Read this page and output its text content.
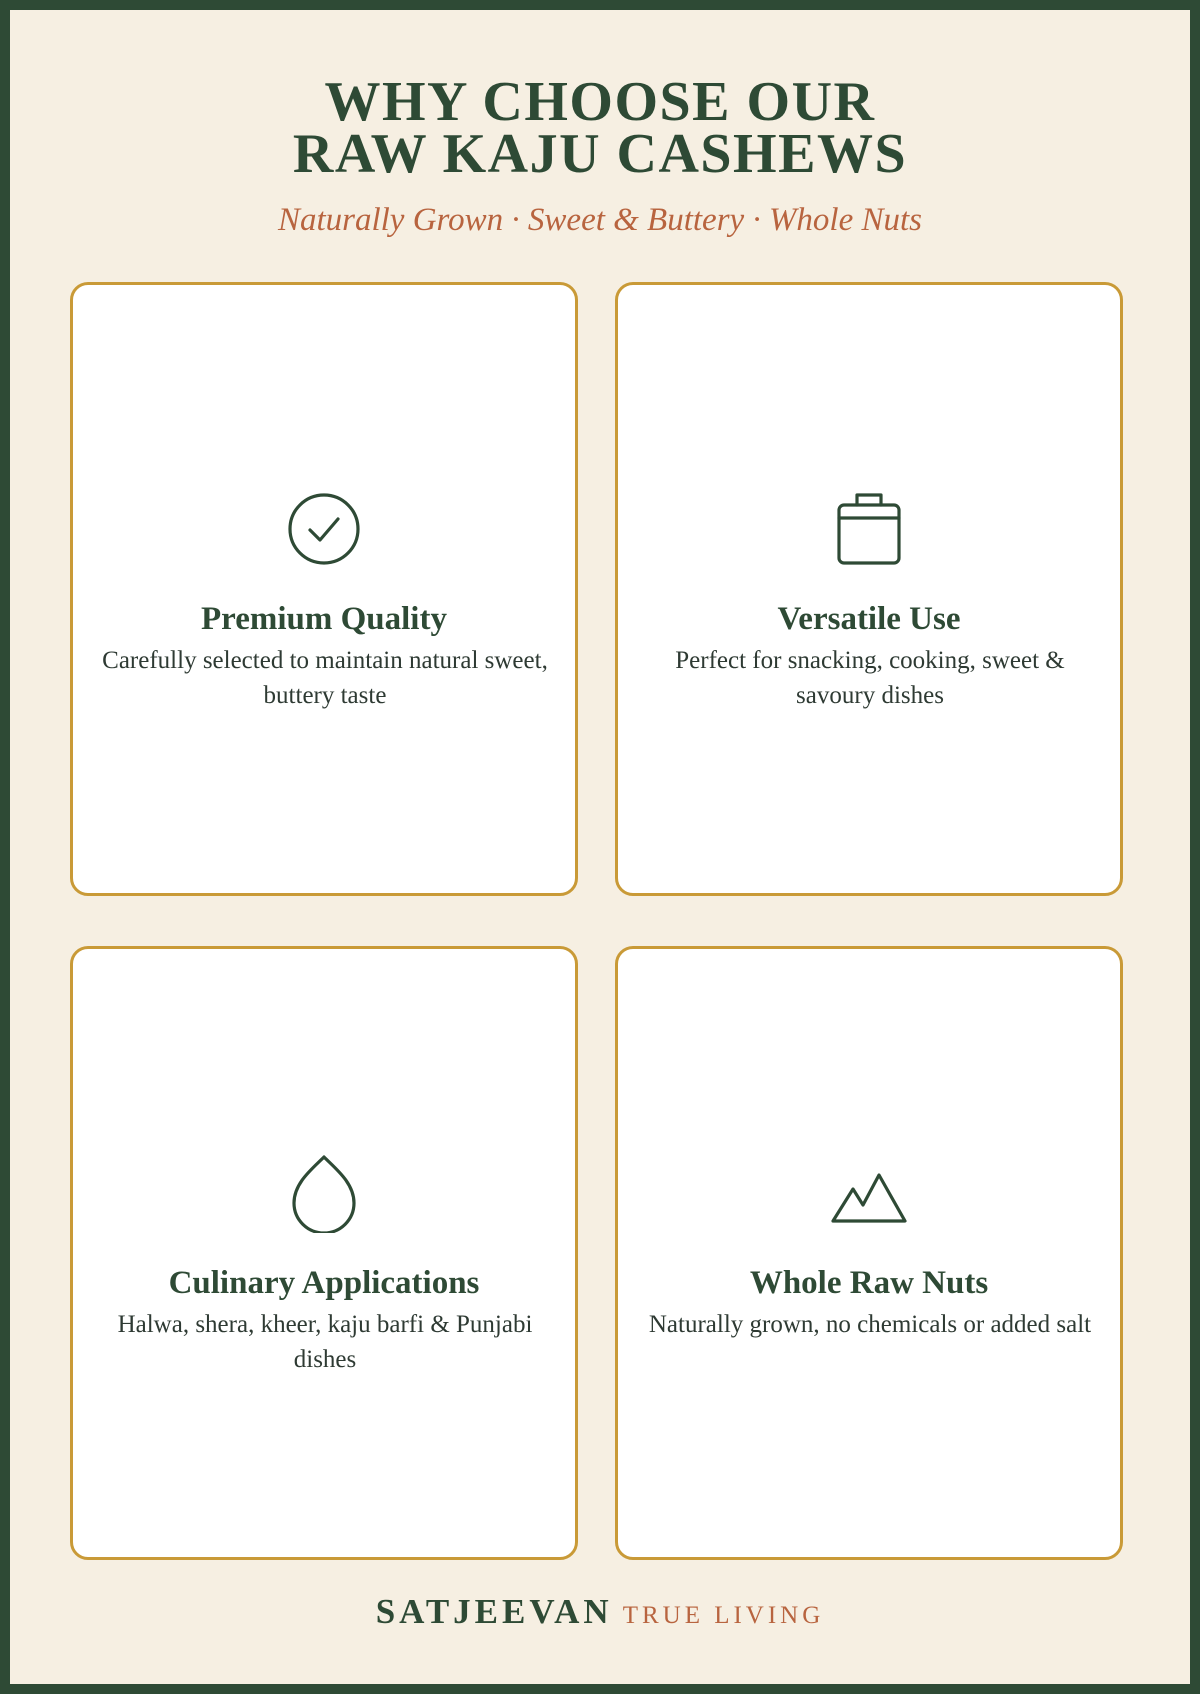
WHY CHOOSE OUR
RAW KAJU CASHEWS
Naturally Grown · Sweet & Buttery · Whole Nuts
Premium Quality
Carefully selected to maintain natural sweet, buttery taste
Versatile Use
Perfect for snacking, cooking, sweet & savoury dishes
Culinary Applications
Halwa, shera, kheer, kaju barfi & Punjabi dishes
Whole Raw Nuts
Naturally grown, no chemicals or added salt
SATJEEVAN TRUE LIVING
